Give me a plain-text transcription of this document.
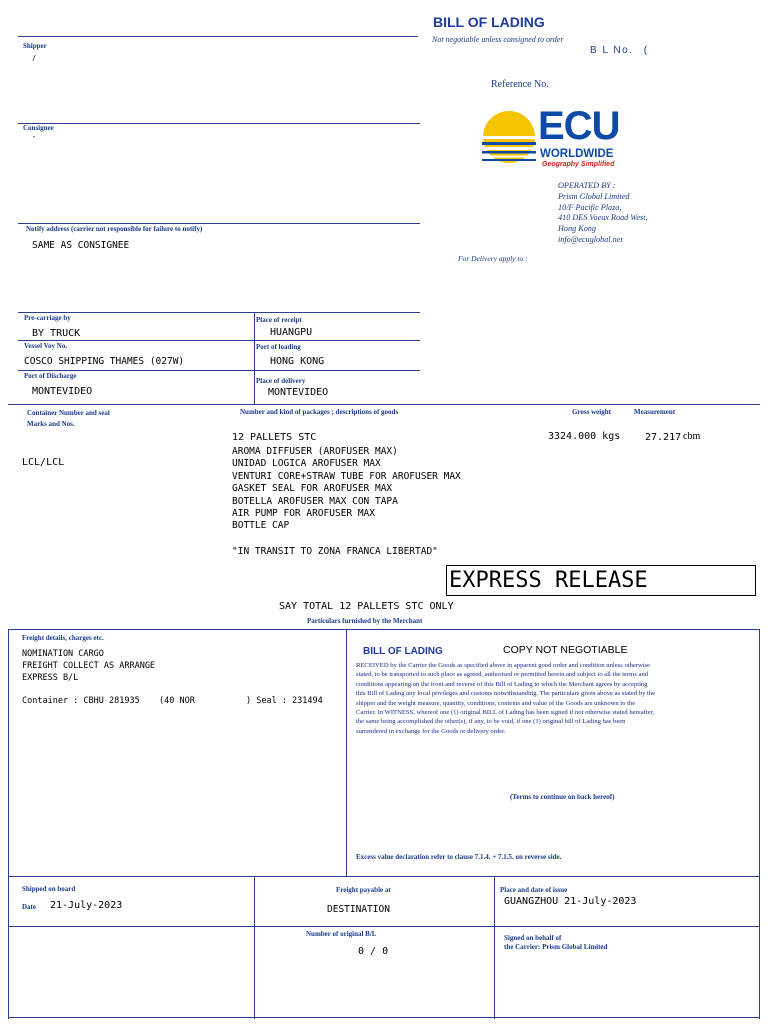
BILL OF LADING
Not negotiable unless consigned to order
B L No. (
Reference No.
Shipper
/
Consignee
-	ECU
WORLDWIDE
Geography Simplified
OPERATED BY :
Prism Global Limited
10/F Pacific Plaza,
410 DES Voeux Road West,
Hong Kong
info@ecuglobal.net
For Delivery apply to :
Notify address (carrier not responsible for failure to notify)
SAME AS CONSIGNEE
Pre-carriage by
BY TRUCK
Place of receipt
HUANGPU
Vessel Voy No.
COSCO SHIPPING THAMES (027W)
Port of loading
HONG KONG
Port of Discharge
MONTEVIDEO
Place of delivery
MONTEVIDEO
Container Number and seal
Marks and Nos.
Number and kind of packages ; descriptions of goods	Gross weight	Measurement
12 PALLETS STC	3324.000 kgs 27.217 cbm
LCL/LCL
AROMA DIFFUSER (AROFUSER MAX)
UNIDAD LOGICA AROFUSER MAX
VENTURI CORE+STRAW TUBE FOR AROFUSER MAX
GASKET SEAL FOR AROFUSER MAX
BOTELLA AROFUSER MAX CON TAPA
AIR PUMP FOR AROFUSER MAX
BOTTLE CAP
"IN TRANSIT TO ZONA FRANCA LIBERTAD"
EXPRESS RELEASE
SAY TOTAL 12 PALLETS STC ONLY
Particulars furnished by the Merchant
Freight details, charges etc.
NOMINATION CARGO
FREIGHT COLLECT AS ARRANGE
EXPRESS B/L
Container : CBHU 281935 (40 NOR	) Seal : 231494
BILL OF LADING	COPY NOT NEGOTIABLE
RECEIVED by the Carrier the Goods as specified above in apparent good order and condition unless otherwise stated, to be transported to such place as agreed, authorised or permitted herein and subject to all the terms and conditions appearing on the front and reverse of this Bill of Lading to which the Merchant agrees by accepting this Bill of Lading any local privileges and customs notwithstanding. The particulars given above as stated by the shipper and the weight measure, quantity, conditions, contents and value of the Goods are unknown to the Carrier. In WITNESS, whereof one (1) original BILL of Lading has been signed if not otherwise stated hereafter, the same being accomplished the other(s), if any, to be void, if one (1) original bill of Lading has been surrendered in exchange for the Goods or delivery order.
(Terms to continue on back hereof)
Excess value declaration refer to clause 7.1.4. + 7.1.5. on reverse side.
Shipped on board
Date 21-July-2023
Freight payable at
DESTINATION
Place and date of issue
GUANGZHOU 21-July-2023
Number of original B/L
0 / 0
Signed on behalf of
the Carrier: Prism Global Limited
